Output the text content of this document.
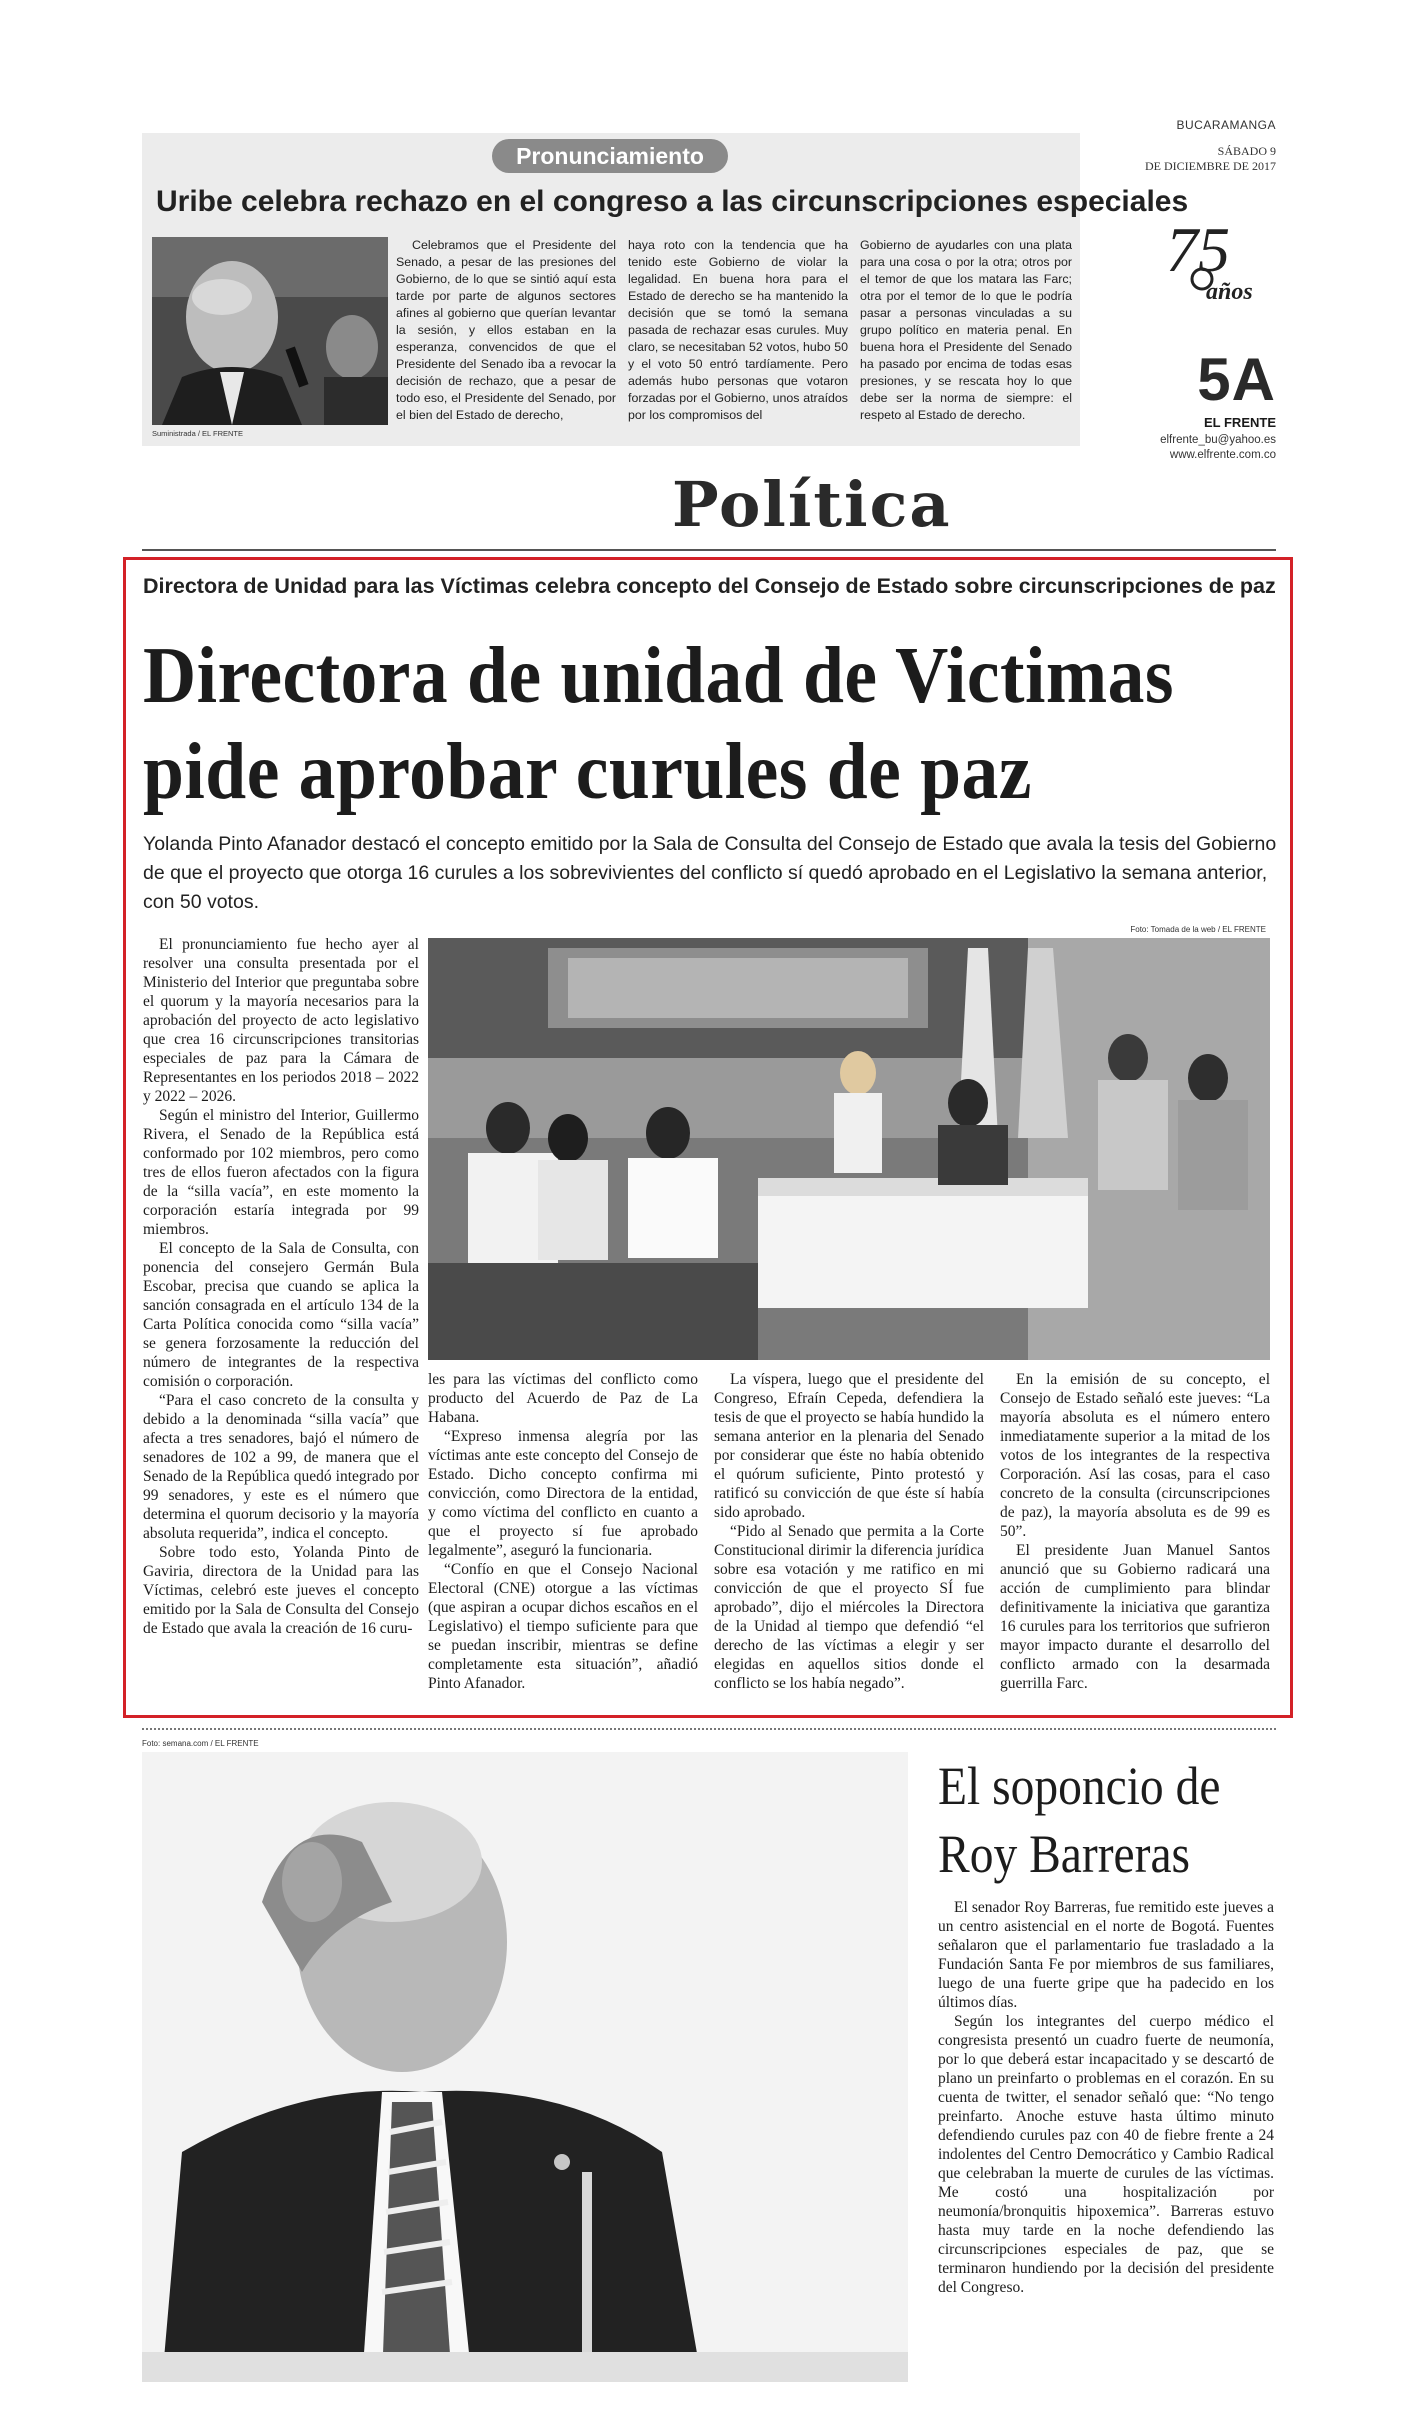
Pronunciamiento
Uribe celebra rechazo en el congreso a las circunscripciones especiales
Suministrada / EL FRENTE

Celebramos que el Presidente del Senado, a pesar de las presiones del Gobierno, de lo que se sintió aquí esta tarde por parte de algunos sectores afines al gobierno que querían levantar la sesión, y ellos estaban en la esperanza, convencidos de que el Presidente del Senado iba a revocar la decisión de rechazo, que a pesar de todo eso, el Presidente del Senado, por el bien del Estado de derecho,

haya roto con la tendencia que ha tenido este Gobierno de violar la legalidad. En buena hora para el Estado de derecho se ha mantenido la decisión que se tomó la semana pasada de rechazar esas curules. Muy claro, se necesitaban 52 votos, hubo 50 y el voto 50 entró tardíamente. Pero además hubo personas que votaron forzadas por el Gobierno, unos atraídos por los compromisos del

Gobierno de ayudarles con una plata para una cosa o por la otra; otros por el temor de que los matara las Farc; otra por el temor de lo que le podría pasar a personas vinculadas a su grupo político en materia penal. En buena hora el Presidente del Senado ha pasado por encima de todas esas presiones, y se rescata hoy lo que debe ser la norma de siempre: el respeto al Estado de derecho.

BUCARAMANGA
SÁBADO 9
DE DICIEMBRE DE 2017
75
años
5A
EL FRENTE
elfrente_bu@yahoo.es
www.elfrente.com.co
Política
Directora de Unidad para las Víctimas celebra concepto del Consejo de Estado sobre circunscripciones de paz
Directora de unidad de Victimas
pide aprobar curules de paz
Yolanda Pinto Afanador destacó el concepto emitido por la Sala de Consulta del Consejo de Estado que avala la tesis del Gobierno de que el proyecto que otorga 16 curules a los sobrevivientes del conflicto sí quedó aprobado en el Legislativo la semana anterior, con 50 votos.
Foto: Tomada de la web / EL FRENTE

El pronunciamiento fue hecho ayer al resolver una consulta presentada por el Ministerio del Interior que preguntaba sobre el quorum y la mayoría necesarios para la aprobación del proyecto de acto legislativo que crea 16 circunscripciones transitorias especiales de paz para la Cámara de Representantes en los periodos 2018 – 2022 y 2022 – 2026.

Según el ministro del Interior, Guillermo Rivera, el Senado de la República está conformado por 102 miembros, pero como tres de ellos fueron afectados con la figura de la “silla vacía”, en este momento la corporación estaría integrada por 99 miembros.

El concepto de la Sala de Consulta, con ponencia del consejero Germán Bula Escobar, precisa que cuando se aplica la sanción consagrada en el artículo 134 de la Carta Política conocida como “silla vacía” se genera forzosamente la reducción del número de integrantes de la respectiva comisión o corporación.

“Para el caso concreto de la consulta y debido a la denominada “silla vacía” que afecta a tres senadores, bajó el número de senadores de 102 a 99, de manera que el Senado de la República quedó integrado por 99 senadores, y este es el número que determina el quorum decisorio y la mayoría absoluta requerida”, indica el concepto.

Sobre todo esto, Yolanda Pinto de Gaviria, directora de la Unidad para las Víctimas, celebró este jueves el concepto emitido por la Sala de Consulta del Consejo de Estado que avala la creación de 16 curu-

les para las víctimas del conflicto como producto del Acuerdo de Paz de La Habana.

“Expreso inmensa alegría por las víctimas ante este concepto del Consejo de Estado. Dicho concepto confirma mi convicción, como Directora de la entidad, y como víctima del conflicto en cuanto a que el proyecto sí fue aprobado legalmente”, aseguró la funcionaria.

“Confío en que el Consejo Nacional Electoral (CNE) otorgue a las víctimas (que aspiran a ocupar dichos escaños en el Legislativo) el tiempo suficiente para que se puedan inscribir, mientras se define completamente esta situación”, añadió Pinto Afanador.

La víspera, luego que el presidente del Congreso, Efraín Cepeda, defendiera la tesis de que el proyecto se había hundido la semana anterior en la plenaria del Senado por considerar que éste no había obtenido el quórum suficiente, Pinto protestó y ratificó su convicción de que éste sí había sido aprobado.

“Pido al Senado que permita a la Corte Constitucional dirimir la diferencia jurídica sobre esa votación y me ratifico en mi convicción de que el proyecto SÍ fue aprobado”, dijo el miércoles la Directora de la Unidad al tiempo que defendió “el derecho de las víctimas a elegir y ser elegidas en aquellos sitios donde el conflicto se los había negado”.

En la emisión de su concepto, el Consejo de Estado señaló este jueves: “La mayoría absoluta es el número entero inmediatamente superior a la mitad de los votos de los integrantes de la respectiva Corporación. Así las cosas, para el caso concreto de la consulta (circunscripciones de paz), la mayoría absoluta es de 99 es 50”.

El presidente Juan Manuel Santos anunció que su Gobierno radicará una acción de cumplimiento para blindar definitivamente la iniciativa que garantiza 16 curules para los territorios que sufrieron mayor impacto durante el desarrollo del conflicto armado con la desarmada guerrilla Farc.

Foto: semana.com / EL FRENTE
El soponcio de
Roy Barreras

El senador Roy Barreras, fue remitido este jueves a un centro asistencial en el norte de Bogotá. Fuentes señalaron que el parlamentario fue trasladado a la Fundación Santa Fe por miembros de sus familiares, luego de una fuerte gripe que ha padecido en los últimos días.

Según los integrantes del cuerpo médico el congresista presentó un cuadro fuerte de neumonía, por lo que deberá estar incapacitado y se descartó de plano un preinfarto o problemas en el corazón. En su cuenta de twitter, el senador señaló que: “No tengo preinfarto. Anoche estuve hasta último minuto defendiendo curules paz con 40 de fiebre frente a 24 indolentes del Centro Democrático y Cambio Radical que celebraban la muerte de curules de las víctimas. Me costó una hospitalización por neumonía/bronquitis hipoxemica”. Barreras estuvo hasta muy tarde en la noche defendiendo las circunscripciones especiales de paz, que se terminaron hundiendo por la decisión del presidente del Congreso.
